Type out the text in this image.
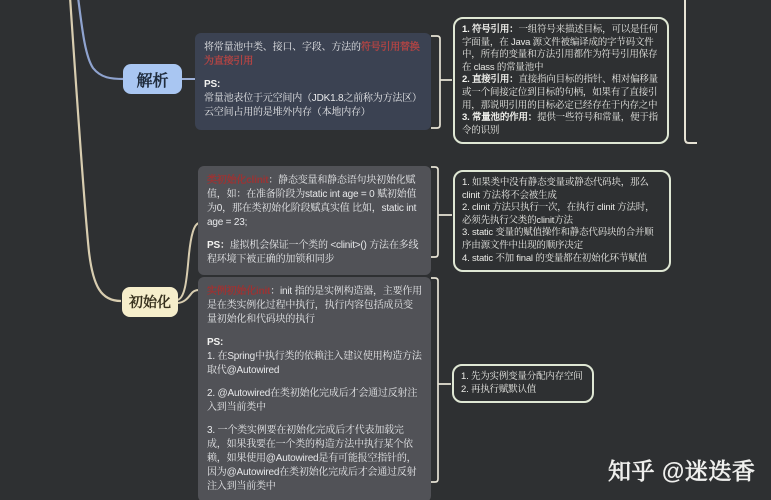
解析
初始化

将常量池中类、接口、字段、方法的符号引用替换为直接引用

PS:

常量池表位于元空间内（JDK1.8之前称为方法区）

云空间占用的是堆外内存（本地内存）

类初始化clinit：静态变量和静态语句块初始化赋值，如：在准备阶段为static int age = 0 赋初始值为0，那在类初始化阶段赋真实值 比如，static int age = 23;

PS：虚拟机会保证一个类的 <clinit>() 方法在多线程环境下被正确的加锁和同步

实例初始化init：init 指的是实例构造器，主要作用是在类实例化过程中执行，执行内容包括成员变量初始化和代码块的执行

PS:

1. 在Spring中执行类的依赖注入建议使用构造方法取代@Autowired

2. @Autowired在类初始化完成后才会通过反射注入到当前类中

3. 一个类实例要在初始化完成后才代表加载完成，如果我要在一个类的构造方法中执行某个依赖，如果使用@Autowired是有可能报空指针的，因为@Autowired在类初始化完成后才会通过反射注入到当前类中

1. 符号引用：一组符号来描述目标，可以是任何字面量，在 Java 源文件被编译成的字节码文件中，所有的变量和方法引用都作为符号引用保存在 class 的常量池中
2. 直接引用：直接指向目标的指针、相对偏移量或一个间接定位到目标的句柄，如果有了直接引用，那说明引用的目标必定已经存在于内存之中
3. 常量池的作用：提供一些符号和常量，便于指令的识别
1. 如果类中没有静态变量或静态代码块，那么 clinit 方法将不会被生成
2. clinit 方法只执行一次，在执行 clinit 方法时，必须先执行父类的clinit方法
3. static 变量的赋值操作和静态代码块的合并顺序由源文件中出现的顺序决定
4. static 不加 final 的变量都在初始化环节赋值
1. 先为实例变量分配内存空间
2. 再执行赋默认值
知乎 @迷迭香
